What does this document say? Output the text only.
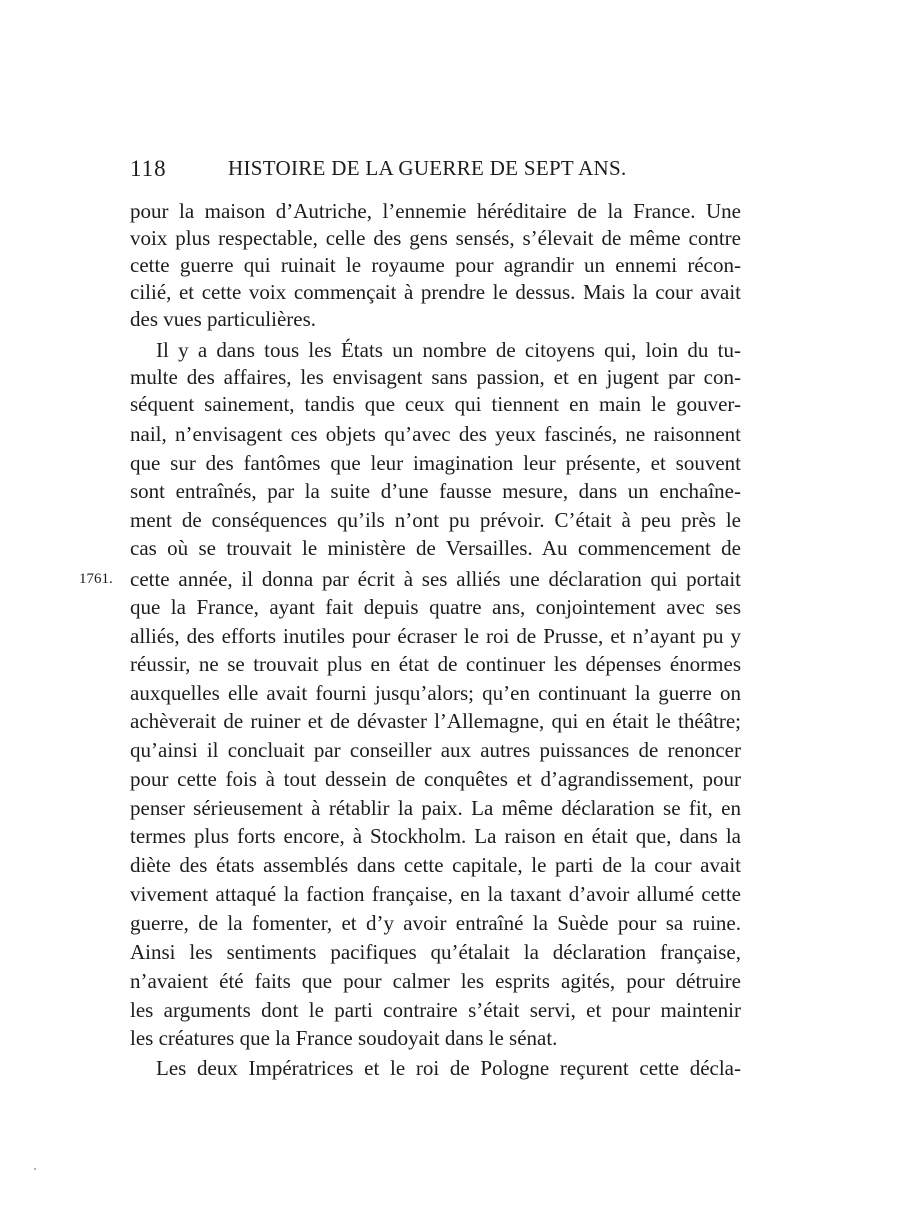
118	HISTOIRE DE LA GUERRE DE SEPT ANS.
1761.
pour la maison d’Autriche, l’ennemie héréditaire de la France. Une
voix plus respectable, celle des gens sensés, s’élevait de même contre
cette guerre qui ruinait le royaume pour agrandir un ennemi récon-
cilié, et cette voix commençait à prendre le dessus. Mais la cour avait
des vues particulières.
Il y a dans tous les États un nombre de citoyens qui, loin du tu-
multe des affaires, les envisagent sans passion, et en jugent par con-
séquent sainement, tandis que ceux qui tiennent en main le gouver-
nail, n’envisagent ces objets qu’avec des yeux fascinés, ne raisonnent
que sur des fantômes que leur imagination leur présente, et souvent
sont entraînés, par la suite d’une fausse mesure, dans un enchaîne-
ment de conséquences qu’ils n’ont pu prévoir. C’était à peu près le
cas où se trouvait le ministère de Versailles. Au commencement de
cette année, il donna par écrit à ses alliés une déclaration qui portait
que la France, ayant fait depuis quatre ans, conjointement avec ses
alliés, des efforts inutiles pour écraser le roi de Prusse, et n’ayant pu y
réussir, ne se trouvait plus en état de continuer les dépenses énormes
auxquelles elle avait fourni jusqu’alors; qu’en continuant la guerre on
achèverait de ruiner et de dévaster l’Allemagne, qui en était le théâtre;
qu’ainsi il concluait par conseiller aux autres puissances de renoncer
pour cette fois à tout dessein de conquêtes et d’agrandissement, pour
penser sérieusement à rétablir la paix. La même déclaration se fit, en
termes plus forts encore, à Stockholm. La raison en était que, dans la
diète des états assemblés dans cette capitale, le parti de la cour avait
vivement attaqué la faction française, en la taxant d’avoir allumé cette
guerre, de la fomenter, et d’y avoir entraîné la Suède pour sa ruine.
Ainsi les sentiments pacifiques qu’étalait la déclaration française,
n’avaient été faits que pour calmer les esprits agités, pour détruire
les arguments dont le parti contraire s’était servi, et pour maintenir
les créatures que la France soudoyait dans le sénat.
Les deux Impératrices et le roi de Pologne reçurent cette décla-
